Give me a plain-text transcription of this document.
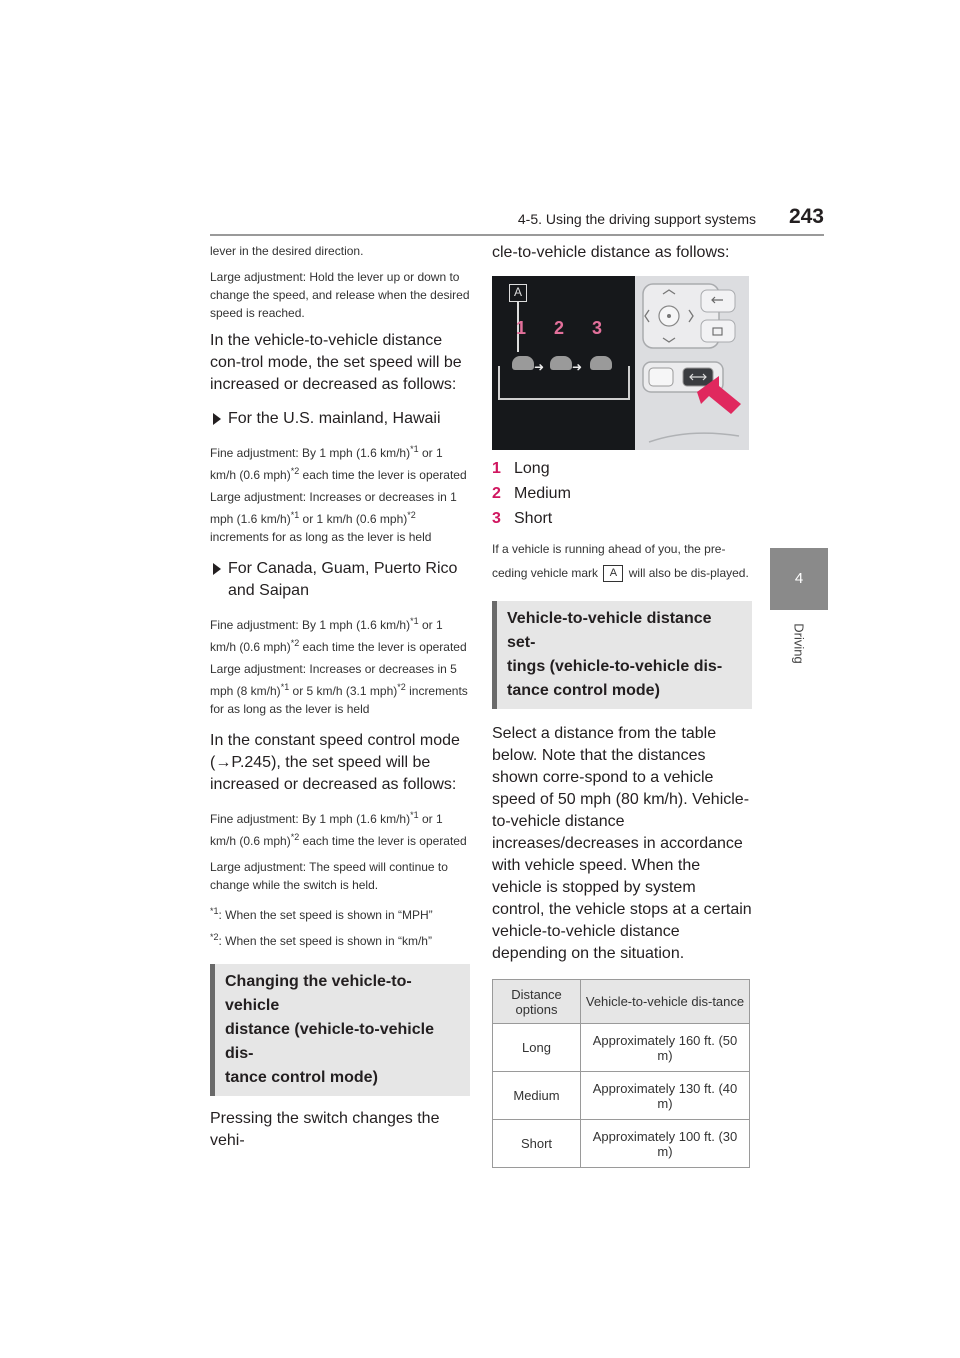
4-5. Using the driving support systems 243
4
Driving

lever in the desired direction.

Large adjustment: Hold the lever up or down to change the speed, and release when the desired speed is reached.

In the vehicle-to-vehicle distance con-trol mode, the set speed will be increased or decreased as follows:

For the U.S. mainland, Hawaii

Fine adjustment: By 1 mph (1.6 km/h)$^{*1}$ or 1 km/h (0.6 mph)$^{*2}$ each time the lever is operated

Large adjustment: Increases or decreases in 1 mph (1.6 km/h)$^{*1}$ or 1 km/h (0.6 mph)$^{*2}$ increments for as long as the lever is held

For Canada, Guam, Puerto Rico and Saipan

Fine adjustment: By 1 mph (1.6 km/h)$^{*1}$ or 1 km/h (0.6 mph)$^{*2}$ each time the lever is operated

Large adjustment: Increases or decreases in 5 mph (8 km/h)$^{*1}$ or 5 km/h (3.1 mph)$^{*2}$ increments for as long as the lever is held

In the constant speed control mode (→P.245), the set speed will be increased or decreased as follows:

Fine adjustment: By 1 mph (1.6 km/h)$^{*1}$ or 1 km/h (0.6 mph)$^{*2}$ each time the lever is operated

Large adjustment: The speed will continue to change while the switch is held.

$^{*1}$: When the set speed is shown in “MPH”

$^{*2}$: When the set speed is shown in “km/h”

Changing the vehicle-to-vehicle
distance (vehicle-to-vehicle dis-
tance control mode)

Pressing the switch changes the vehi-

cle-to-vehicle distance as follows:

A
1 2 3
➜ ➜
1 Long
2 Medium
3 Short

If a vehicle is running ahead of you, the pre-ceding vehicle mark A will also be dis-played.

Vehicle-to-vehicle distance set-
tings (vehicle-to-vehicle dis-
tance control mode)

Select a distance from the table below. Note that the distances shown corre-spond to a vehicle speed of 50 mph (80 km/h). Vehicle-to-vehicle distance increases/decreases in accordance with vehicle speed. When the vehicle is stopped by system control, the vehicle stops at a certain vehicle-to-vehicle distance depending on the situation.

Distance options	Vehicle-to-vehicle dis-tance
Long	Approximately 160 ft. (50 m)
Medium	Approximately 130 ft. (40 m)
Short	Approximately 100 ft. (30 m)
